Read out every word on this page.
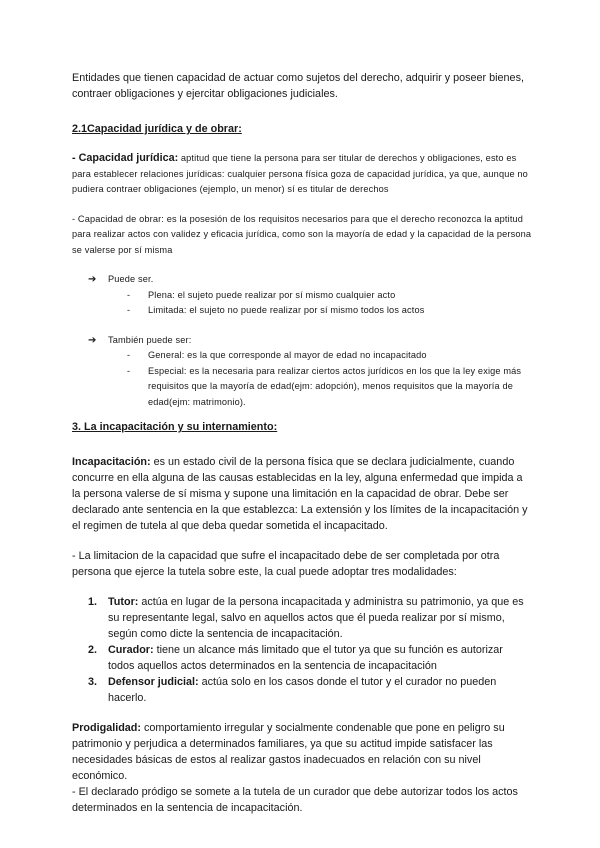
Entidades que tienen capacidad de actuar como sujetos del derecho, adquirir y poseer bienes, contraer obligaciones y ejercitar obligaciones judiciales.

2.1Capacidad jurídica y de obrar:

- Capacidad jurídica: aptitud que tiene la persona para ser titular de derechos y obligaciones, esto es para establecer relaciones jurídicas: cualquier persona física goza de capacidad jurídica, ya que, aunque no pudiera contraer obligaciones (ejemplo, un menor) sí es titular de derechos

- Capacidad de obrar: es la posesión de los requisitos necesarios para que el derecho reconozca la aptitud para realizar actos con validez y eficacia jurídica, como son la mayoría de edad y la capacidad de la persona se valerse por sí misma

➔ Puede ser.
- Plena: el sujeto puede realizar por sí mismo cualquier acto
- Limitada: el sujeto no puede realizar por sí mismo todos los actos
➔ También puede ser:
- General: es la que corresponde al mayor de edad no incapacitado
- Especial: es la necesaria para realizar ciertos actos jurídicos en los que la ley exige más requisitos que la mayoría de edad(ejm: adopción), menos requisitos que la mayoría de edad(ejm: matrimonio).

3. La incapacitación y su internamiento:

Incapacitación: es un estado civil de la persona física que se declara judicialmente, cuando concurre en ella alguna de las causas establecidas en la ley, alguna enfermedad que impida a la persona valerse de sí misma y supone una limitación en la capacidad de obrar. Debe ser declarado ante sentencia en la que establezca: La extensión y los límites de la incapacitación y el regimen de tutela al que deba quedar sometida el incapacitado.

- La limitacion de la capacidad que sufre el incapacitado debe de ser completada por otra persona que ejerce la tutela sobre este, la cual puede adoptar tres modalidades:

1. Tutor: actúa en lugar de la persona incapacitada y administra su patrimonio, ya que es su representante legal, salvo en aquellos actos que él pueda realizar por sí mismo, según como dicte la sentencia de incapacitación.
2. Curador: tiene un alcance más limitado que el tutor ya que su función es autorizar todos aquellos actos determinados en la sentencia de incapacitación
3. Defensor judicial: actúa solo en los casos donde el tutor y el curador no pueden hacerlo.

Prodigalidad: comportamiento irregular y socialmente condenable que pone en peligro su patrimonio y perjudica a determinados familiares, ya que su actitud impide satisfacer las necesidades básicas de estos al realizar gastos inadecuados en relación con su nivel económico.

- El declarado pródigo se somete a la tutela de un curador que debe autorizar todos los actos determinados en la sentencia de incapacitación.
